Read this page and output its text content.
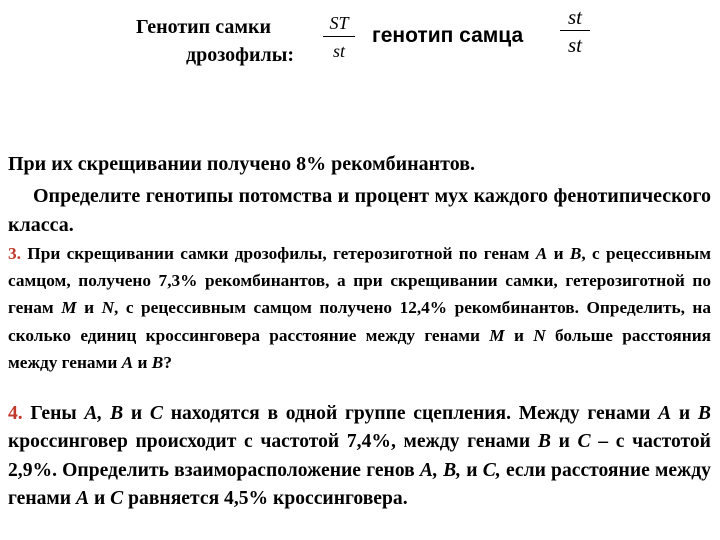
Генотип самки
дрозофилы:
ST
st
генотип самца
st
st
При их скрещивании получено 8% рекомбинантов.
Определите генотипы потомства и процент мух каждого фенотипического класса.
3. При скрещивании самки дрозофилы, гетерозиготной по генам A и B, с рецессивным самцом, получено 7,3% рекомбинантов, а при скрещивании самки, гетерозиготной по генам M и N, с рецессивным самцом получено 12,4% рекомбинантов. Определить, на сколько единиц кроссинговера расстояние между генами M и N больше расстояния между генами A и B?
4. Гены A, B и C находятся в одной группе сцепления. Между генами A и B кроссинговер происходит с частотой 7,4%, между генами B и C – с частотой 2,9%. Определить взаиморасположение генов A, B, и C, если расстояние между генами A и C равняется 4,5% кроссинговера.
